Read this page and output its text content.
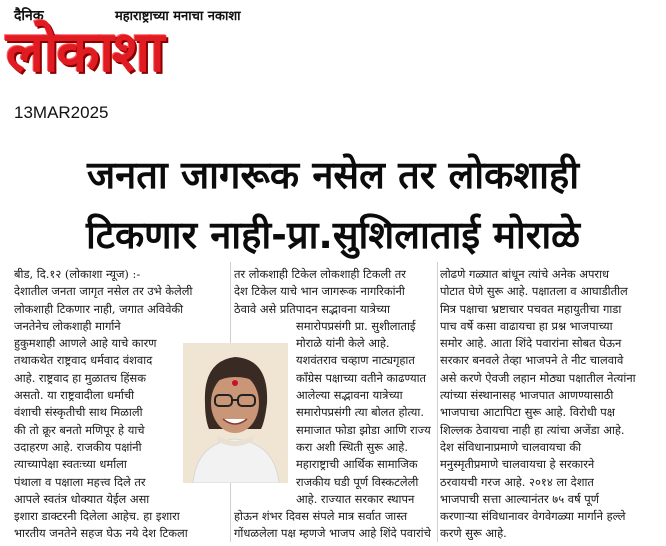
दैनिक	महाराष्ट्राच्या मनाचा नकाशा
लोकाशा
13MAR2025
जनता जागरूक नसेल तर लोकशाही
टिकणार नाही-प्रा.सुशिलाताई मोराळे
बीड, दि.१२ (लोकाशा न्यूज) :-
देशातील जनता जागृत नसेल तर उभे केलेली
लोकशाही टिकणार नाही, जगात अविवेकी
जनतेनेच लोकशाही मार्गाने
हुकुमशाही आणले आहे याचे कारण
तथाकथेत राष्ट्रवाद धर्मवाद वंशवाद
आहे. राष्ट्रवाद हा मुळातच हिंसक
असतो. या राष्ट्रवादीला धर्माची
वंशाची संस्कृतीची साथ मिळाली
की तो क्रूर बनतो मणिपूर हे याचे
उदाहरण आहे. राजकीय पक्षांनी
त्याच्यापेक्षा स्वतःच्या धर्माला
पंथाला व पक्षाला महत्त्व दिले तर
आपले स्वतंत्र धोक्यात येईल असा
इशारा डाक्टरनी दिलेला आहेच. हा इशारा
भारतीय जनतेने सहज घेऊ नये देश टिकला
तर लोकशाही टिकेल लोकशाही टिकली तर
देश टिकेल याचे भान जागरूक नागरिकांनी
ठेवावे असे प्रतिपादन सद्भावना यात्रेच्या
समारोपप्रसंगी प्रा. सुशीलाताई
मोराळे यांनी केले आहे.
यशवंतराव चव्हाण नाट्यगृहात
काँग्रेस पक्षाच्या वतीने काढण्यात
आलेल्या सद्भावना यात्रेच्या
समारोपप्रसंगी त्या बोलत होत्या.
समाजात फोडा झोडा आणि राज्य
करा अशी स्थिती सुरू आहे.
महाराष्ट्राची आर्थिक सामाजिक
राजकीय घडी पूर्ण विस्कटलेली
आहे. राज्यात सरकार स्थापन
होऊन शंभर दिवस संपले मात्र सर्वात जास्त
गोंधळलेला पक्ष म्हणजे भाजप आहे शिंदे पवारांचे
लोढणे गळ्यात बांधून त्यांचे अनेक अपराध
पोटात घेणे सुरू आहे. पक्षातला व आघाडीतील
मित्र पक्षाचा भ्रष्टाचार पचवत महायुतीचा गाडा
पाच वर्षे कसा वाढायचा हा प्रश्न भाजपाच्या
समोर आहे. आता शिंदे पवारांना सोबत घेऊन
सरकार बनवले तेव्हा भाजपने ते नीट चालवावे
असे करणे ऐवजी लहान मोठ्या पक्षातील नेत्यांना
त्यांच्या संस्थानासह भाजपात आणण्यासाठी
भाजपाचा आटापिटा सुरू आहे. विरोधी पक्ष
शिल्लक ठेवायचा नाही हा त्यांचा अजेंडा आहे.
देश संविधानाप्रमाणे चालवायचा की
मनुस्मृतीप्रमाणे चालवायचा हे सरकारने
ठरवायची गरज आहे. २०१४ ला देशात
भाजपाची सत्ता आल्यानंतर ७५ वर्ष पूर्ण
करणाऱ्या संविधानावर वेगवेगळ्या मार्गाने हल्ले
करणे सुरू आहे.
